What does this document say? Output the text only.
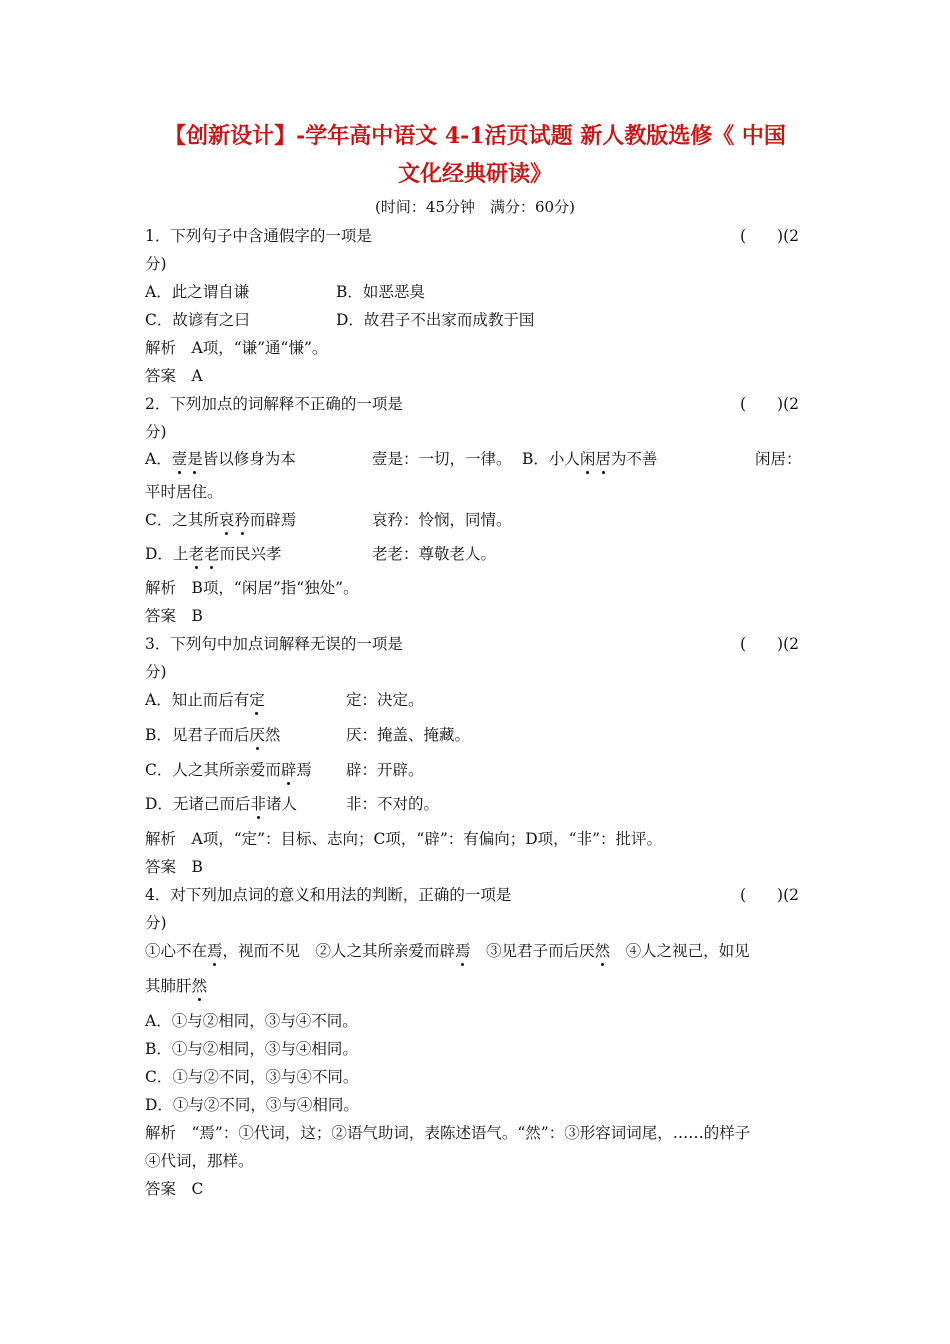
【创新设计】-学年高中语文 4-1活页试题 新人教版选修《 中国
文化经典研读》
(时间：45分钟　满分：60分)
1．下列句子中含通假字的一项是	(　　)(2
分)
A．此之谓自谦	B．如恶恶臭
C．故谚有之曰	D．故君子不出家而成教于国
解析　A项，“谦”通“慊”。
答案　A
2．下列加点的词解释不正确的一项是	(　　)(2
分)
A．壹是皆以修身为本	壹是：一切，一律。 B．小人闲居为不善	闲居：
平时居住。
C．之其所哀矜而辟焉	哀矜：怜悯，同情。
D．上老老而民兴孝	老老：尊敬老人。
解析　B项，“闲居”指“独处”。
答案　B
3．下列句中加点词解释无误的一项是	(　　)(2
分)
A．知止而后有定	定：决定。
B．见君子而后厌然	厌：掩盖、掩藏。
C．人之其所亲爱而辟焉 辟：开辟。
D．无诸己而后非诸人	非：不对的。
解析　A项，“定”：目标、志向；C项，“辟”：有偏向；D项，“非”：批评。
答案　B
4．对下列加点词的意义和用法的判断，正确的一项是	(　　)(2
分)
①心不在焉，视而不见　②人之其所亲爱而辟焉　③见君子而后厌然　④人之视己，如见
其肺肝然
A．①与②相同，③与④不同。
B．①与②相同，③与④相同。
C．①与②不同，③与④不同。
D．①与②不同，③与④相同。
解析　“焉”：①代词，这；②语气助词，表陈述语气。“然”：③形容词词尾，……的样子
④代词，那样。
答案　C
